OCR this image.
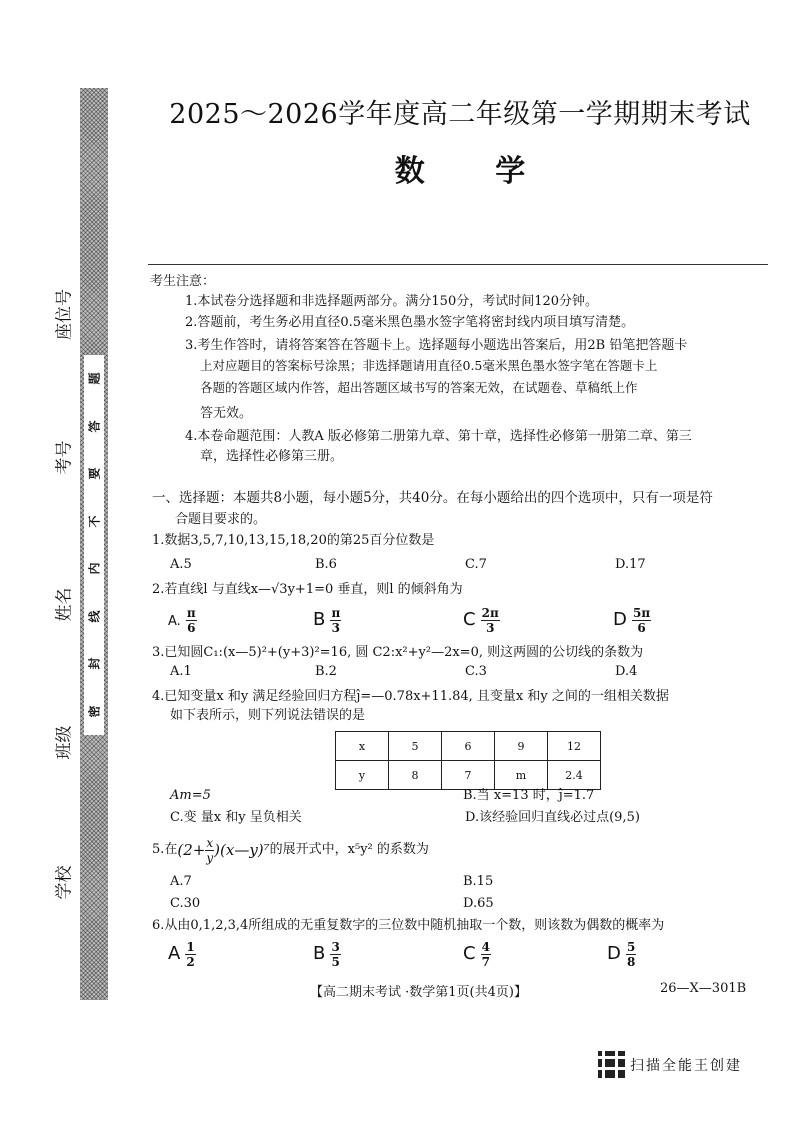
题
答
要
不
内
线
封
密
座位号
考号
姓名
班级
学校
2025～2026学年度高二年级第一学期期末考试
数 学
考生注意：
1.本试卷分选择题和非选择题两部分。满分150分，考试时间120分钟。
2.答题前，考生务必用直径0.5毫米黑色墨水签字笔将密封线内项目填写清楚。
3.考生作答时，请将答案答在答题卡上。选择题每小题选出答案后，用2B 铅笔把答题卡
上对应题目的答案标号涂黑；非选择题请用直径0.5毫米黑色墨水签字笔在答题卡上
各题的答题区域内作答，超出答题区域书写的答案无效，在试题卷、草稿纸上作
答无效。
4.本卷命题范围：人教A 版必修第二册第九章、第十章，选择性必修第一册第二章、第三
章，选择性必修第三册。
一、选择题：本题共8小题，每小题5分，共40分。在每小题给出的四个选项中，只有一项是符
合题目要求的。
1.数据3,5,7,10,13,15,18,20的第25百分位数是
A.5	B.6	C.7	D.17
2.若直线l 与直线x—√3y+1=0 垂直，则l 的倾斜角为
A. $\frac{\pi}{6}$	B $\frac{\pi}{3}$	C $\frac{2\pi}{3}$	D $\frac{5\pi}{6}$
3.已知圆C₁:(x—5)²+(y+3)²=16, 圆 C2:x²+y²—2x=0, 则这两圆的公切线的条数为
A.1	B.2	C.3	D.4
4.已知变量x 和y 满足经验回归方程ĵ=—0.78x+11.84, 且变量x 和y 之间的一组相关数据
如下表所示，则下列说法错误的是
x	5	6	9	12
y	8	7	m	2.4
Am=5	B.当 x=13 时，ĵ=1.7
C.变 量x 和y 呈负相关	D.该经验回归直线必过点(9,5)
5.在 ($2+ \frac{x}{y}$ )(x—y)⁷ 的展开式中，x⁵y² 的系数为
A.7	B.15
C.30	D.65
6.从由0,1,2,3,4所组成的无重复数字的三位数中随机抽取一个数，则该数为偶数的概率为
A $\frac{1}{2}$	B $\frac{3}{5}$	C $\frac{4}{7}$	D $\frac{5}{8}$
【高二期末考试 ·数学第1页(共4页)】	26—X—301B
扫描全能王创建
